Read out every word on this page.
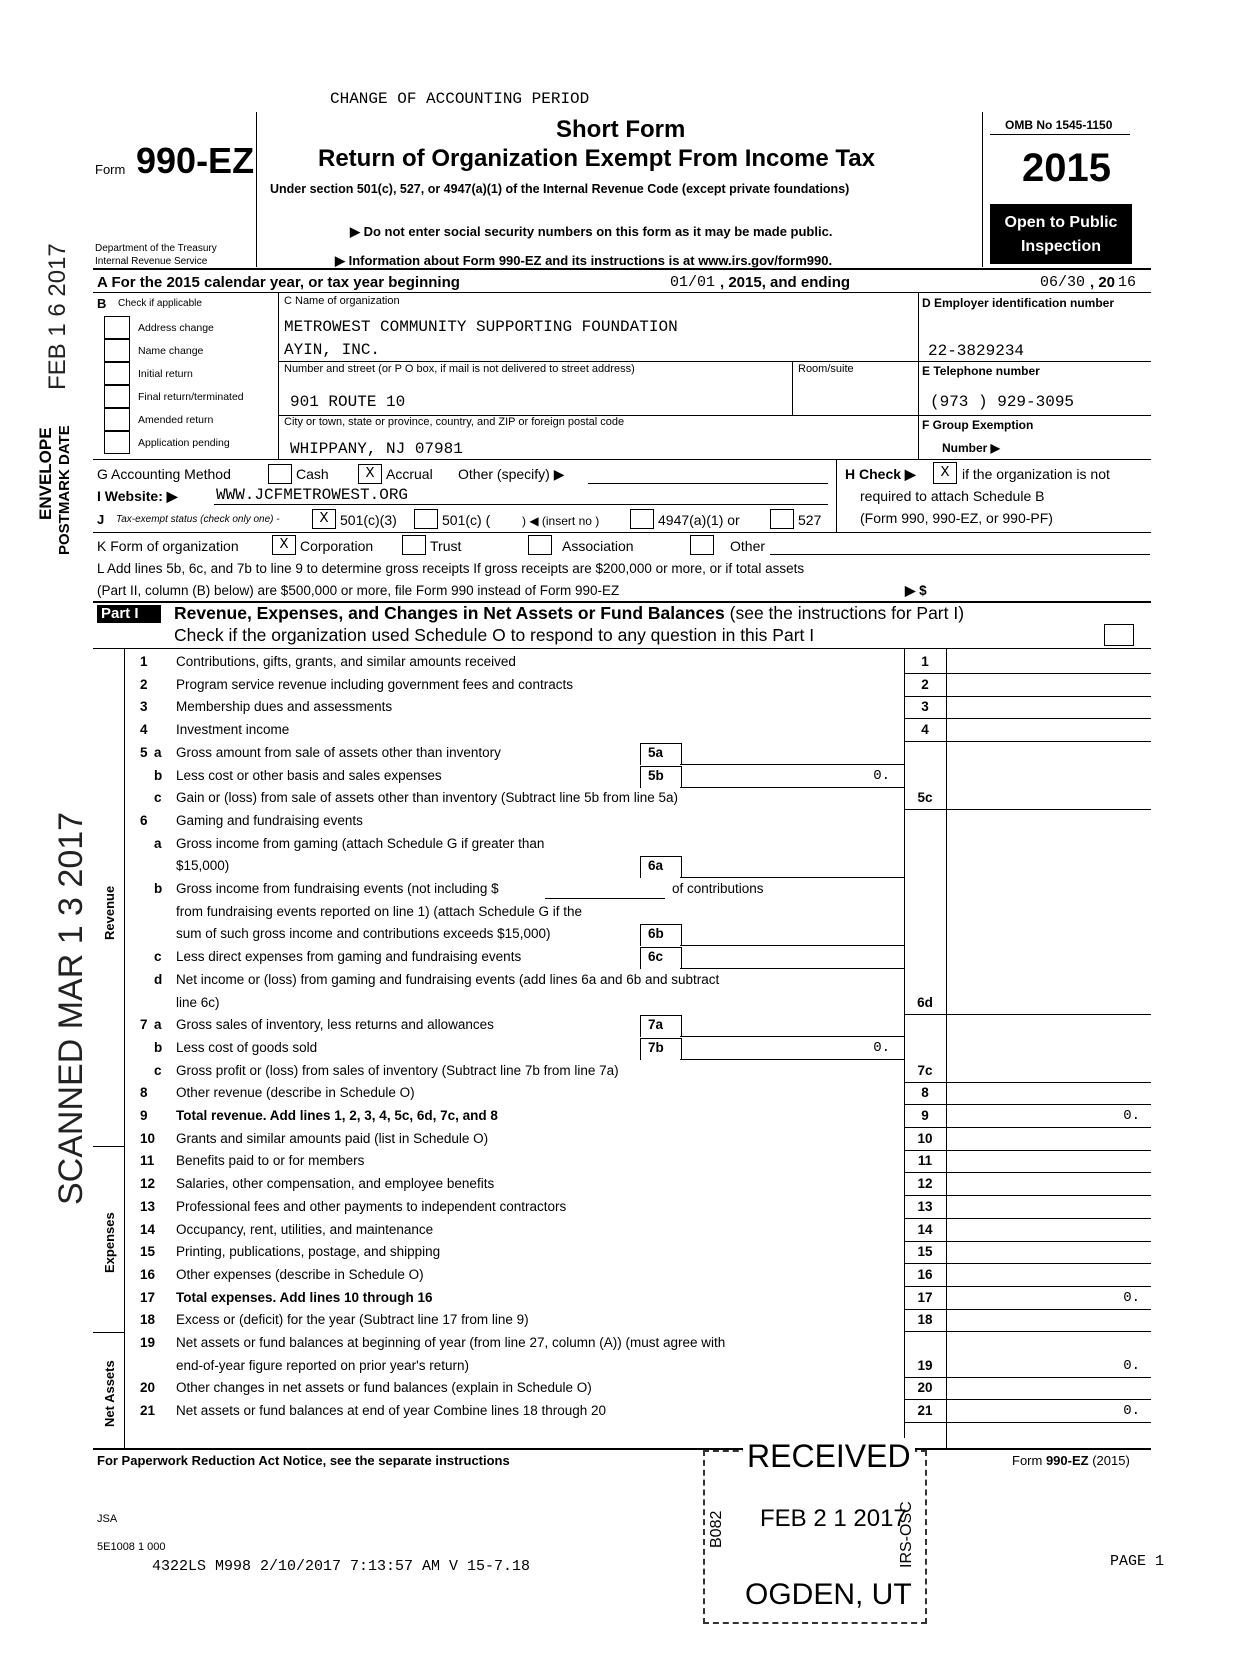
CHANGE OF ACCOUNTING PERIOD
Form 990-EZ
Department of the Treasury
Internal Revenue Service
Short Form
Return of Organization Exempt From Income Tax
Under section 501(c), 527, or 4947(a)(1) of the Internal Revenue Code (except private foundations)
▶ Do not enter social security numbers on this form as it may be made public.
▶ Information about Form 990-EZ and its instructions is at www.irs.gov/form990.
OMB No 1545-1150
2015
Open to Public
Inspection
A For the 2015 calendar year, or tax year beginning	01/01 , 2015, and ending	06/30 , 20 16
B Check if applicable
Address change
Name change
Initial return
Final return/terminated
Amended return
Application pending
C Name of organization
METROWEST COMMUNITY SUPPORTING FOUNDATION
AYIN, INC.
Number and street (or P O box, if mail is not delivered to street address)	Room/suite
901 ROUTE 10
City or town, state or province, country, and ZIP or foreign postal code
WHIPPANY, NJ 07981
D Employer identification number
22-3829234
E Telephone number
(973 ) 929-3095
F Group Exemption
Number ▶
G Accounting Method	Cash	X Accrual Other (specify) ▶	H Check ▶	X if the organization is not
required to attach Schedule B
(Form 990, 990-EZ, or 990-PF)
I Website: ▶ WWW.JCFMETROWEST.ORG
J Tax-exempt status (check only one) -	X 501(c)(3)	501(c) (	) ◀ (insert no )	4947(a)(1) or	527
K Form of organization	X Corporation	Trust	Association	Other
L Add lines 5b, 6c, and 7b to line 9 to determine gross receipts If gross receipts are $200,000 or more, or if total assets
(Part II, column (B) below) are $500,000 or more, file Form 990 instead of Form 990-EZ	▶ $
Part I	Revenue, Expenses, and Changes in Net Assets or Fund Balances (see the instructions for Part I)
Check if the organization used Schedule O to respond to any question in this Part I
Revenue
Expenses
Net Assets
1 Contributions, gifts, grants, and similar amounts received	1
2 Program service revenue including government fees and contracts	2
3 Membership dues and assessments	3
4 Investment income	4
5 a Gross amount from sale of assets other than inventory	5a
b Less cost or other basis and sales expenses	5b	0.
c Gain or (loss) from sale of assets other than inventory (Subtract line 5b from line 5a)	5c
6 Gaming and fundraising events
a Gross income from gaming (attach Schedule G if greater than
$15,000)	6a
b Gross income from fundraising events (not including $	of contributions
from fundraising events reported on line 1) (attach Schedule G if the
sum of such gross income and contributions exceeds $15,000)	6b
c Less direct expenses from gaming and fundraising events	6c
d Net income or (loss) from gaming and fundraising events (add lines 6a and 6b and subtract
line 6c)	6d
7 a Gross sales of inventory, less returns and allowances	7a
b Less cost of goods sold	7b	0.
c Gross profit or (loss) from sales of inventory (Subtract line 7b from line 7a)	7c
8 Other revenue (describe in Schedule O)	8
9 Total revenue. Add lines 1, 2, 3, 4, 5c, 6d, 7c, and 8	9	0.
10 Grants and similar amounts paid (list in Schedule O)	10
11 Benefits paid to or for members	11
12 Salaries, other compensation, and employee benefits	12
13 Professional fees and other payments to independent contractors	13
14 Occupancy, rent, utilities, and maintenance	14
15 Printing, publications, postage, and shipping	15
16 Other expenses (describe in Schedule O)	16
17 Total expenses. Add lines 10 through 16	17	0.
18 Excess or (deficit) for the year (Subtract line 17 from line 9)	18
19 Net assets or fund balances at beginning of year (from line 27, column (A)) (must agree with
end-of-year figure reported on prior year's return)	19	0.
20 Other changes in net assets or fund balances (explain in Schedule O)	20
21 Net assets or fund balances at end of year Combine lines 18 through 20	21	0.
For Paperwork Reduction Act Notice, see the separate instructions	Form 990-EZ (2015)
JSA
5E1008 1 000
4322LS M998 2/10/2017 7:13:57 AM V 15-7.18	PAGE 1
RECEIVED
FEB 2 1 2017
B082	IRS-OSC
OGDEN, UT
SCANNED MAR 1 3 2017
FEB 1 6 2017
ENVELOPE POSTMARK DATE
